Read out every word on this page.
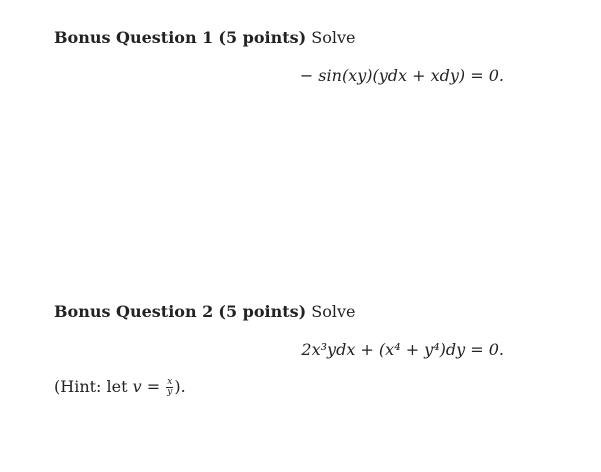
Bonus Question 1 (5 points) Solve
− sin(xy)(ydx + xdy) = 0.
Bonus Question 2 (5 points) Solve
2x³ydx + (x⁴ + y⁴)dy = 0.
(Hint: let $v = \frac{x}{y}$ ).
